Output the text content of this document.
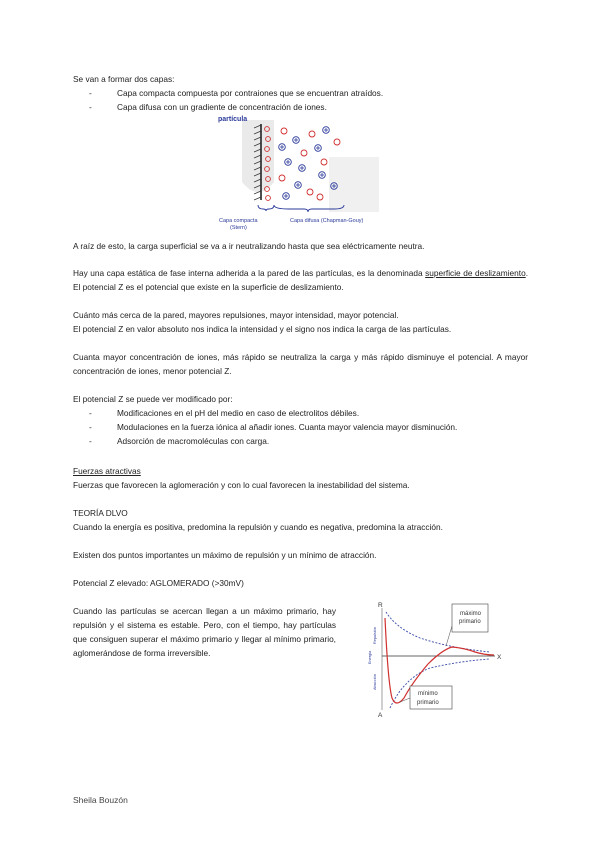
Se van a formar dos capas:
-	Capa compacta compuesta por contraiones que se encuentran atraídos.
-	Capa difusa con un gradiente de concentración de iones.
partícula
Capa compacta
(Stern)
Capa difusa (Chapman-Gouy)
A raíz de esto, la carga superficial se va a ir neutralizando hasta que sea eléctricamente neutra.
Hay una capa estática de fase interna adherida a la pared de las partículas, es la denominada superficie de deslizamiento. El potencial Z es el potencial que existe en la superficie de deslizamiento.
Cuánto más cerca de la pared, mayores repulsiones, mayor intensidad, mayor potencial.
El potencial Z en valor absoluto nos indica la intensidad y el signo nos indica la carga de las partículas.
Cuanta mayor concentración de iones, más rápido se neutraliza la carga y más rápido disminuye el potencial. A mayor concentración de iones, menor potencial Z.
El potencial Z se puede ver modificado por:
-	Modificaciones en el pH del medio en caso de electrolitos débiles.
-	Modulaciones en la fuerza iónica al añadir iones. Cuanta mayor valencia mayor disminución.
-	Adsorción de macromoléculas con carga.
Fuerzas atractivas
Fuerzas que favorecen la aglomeración y con lo cual favorecen la inestabilidad del sistema.
TEORÍA DLVO
Cuando la energía es positiva, predomina la repulsión y cuando es negativa, predomina la atracción.
Existen dos puntos importantes un máximo de repulsión y un mínimo de atracción.
Potencial Z elevado: AGLOMERADO (>30mV)
Cuando las partículas se acercan llegan a un máximo primario, hay repulsión y el sistema es estable. Pero, con el tiempo, hay partículas que consiguen superar el máximo primario y llegar al mínimo primario, aglomerándose de forma irreversible.
R
A
X
Repulsión
Energía
Atracción
máximo
primario
mínimo
primario
Sheila Bouzón
